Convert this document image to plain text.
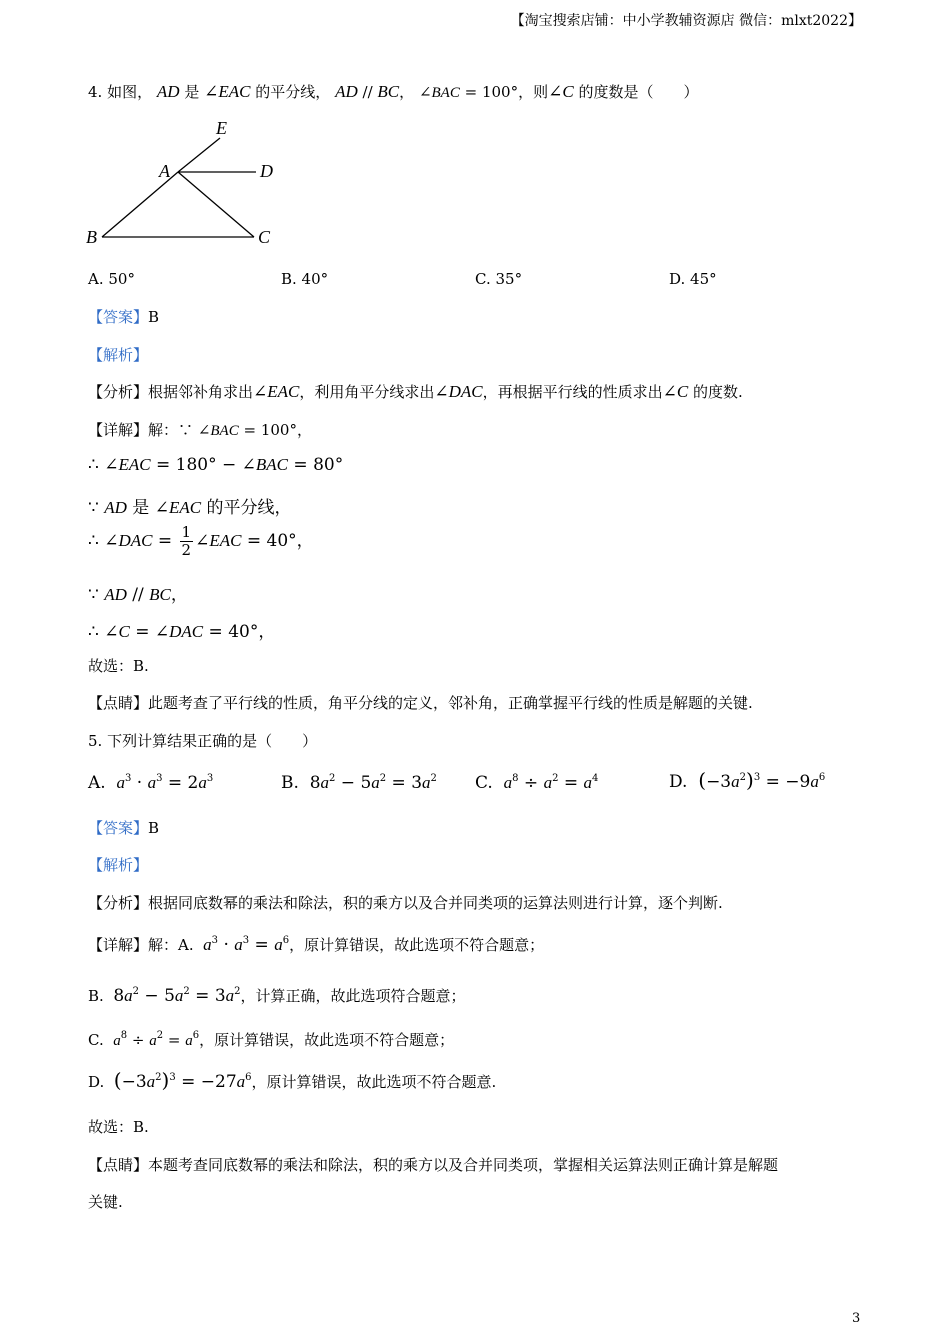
【淘宝搜索店铺：中小学教辅资源店 微信：mlxt2022】
4. 如图， AD 是 ∠EAC 的平分线， AD // BC， ∠BAC = 100°，则∠C 的度数是（　　）
E
A	D
B	C
A. 50°	B. 40°	C. 35°	D. 45°
【答案】B
【解析】
【分析】根据邻补角求出∠EAC，利用角平分线求出∠DAC，再根据平行线的性质求出∠C 的度数.
【详解】解：∵ ∠BAC = 100°，
∴ ∠EAC = 180° − ∠BAC = 80°
∵ AD 是 ∠EAC 的平分线，
∴ ∠DAC = $\frac{1}{2}$ ∠EAC = 40°，
∵ AD // BC，
∴ ∠C = ∠DAC = 40°，
故选：B.
【点睛】此题考查了平行线的性质，角平分线的定义，邻补角，正确掌握平行线的性质是解题的关键.
5. 下列计算结果正确的是（　　）
A.  $a^3 \cdot a^3 = 2a^3$	B.  $8a^2 - 5a^2 = 3a^2$ C.  $a^8 \div a^2 = a^4$	D.  $(-3a^2)^3 = -9a^6$
【答案】B
【解析】
【分析】根据同底数幂的乘法和除法，积的乘方以及合并同类项的运算法则进行计算，逐个判断.
【详解】解：A. $a^3 \cdot a^3 = a^6$，原计算错误，故此选项不符合题意；
B.  $8a^2 - 5a^2 = 3a^2$，计算正确，故此选项符合题意；
C.  $a^8 \div a^2 = a^6$，原计算错误，故此选项不符合题意；
D.  $(-3a^2)^3 = -27a^6$，原计算错误，故此选项不符合题意.
故选：B.
【点睛】本题考查同底数幂的乘法和除法，积的乘方以及合并同类项，掌握相关运算法则正确计算是解题
关键.
3
